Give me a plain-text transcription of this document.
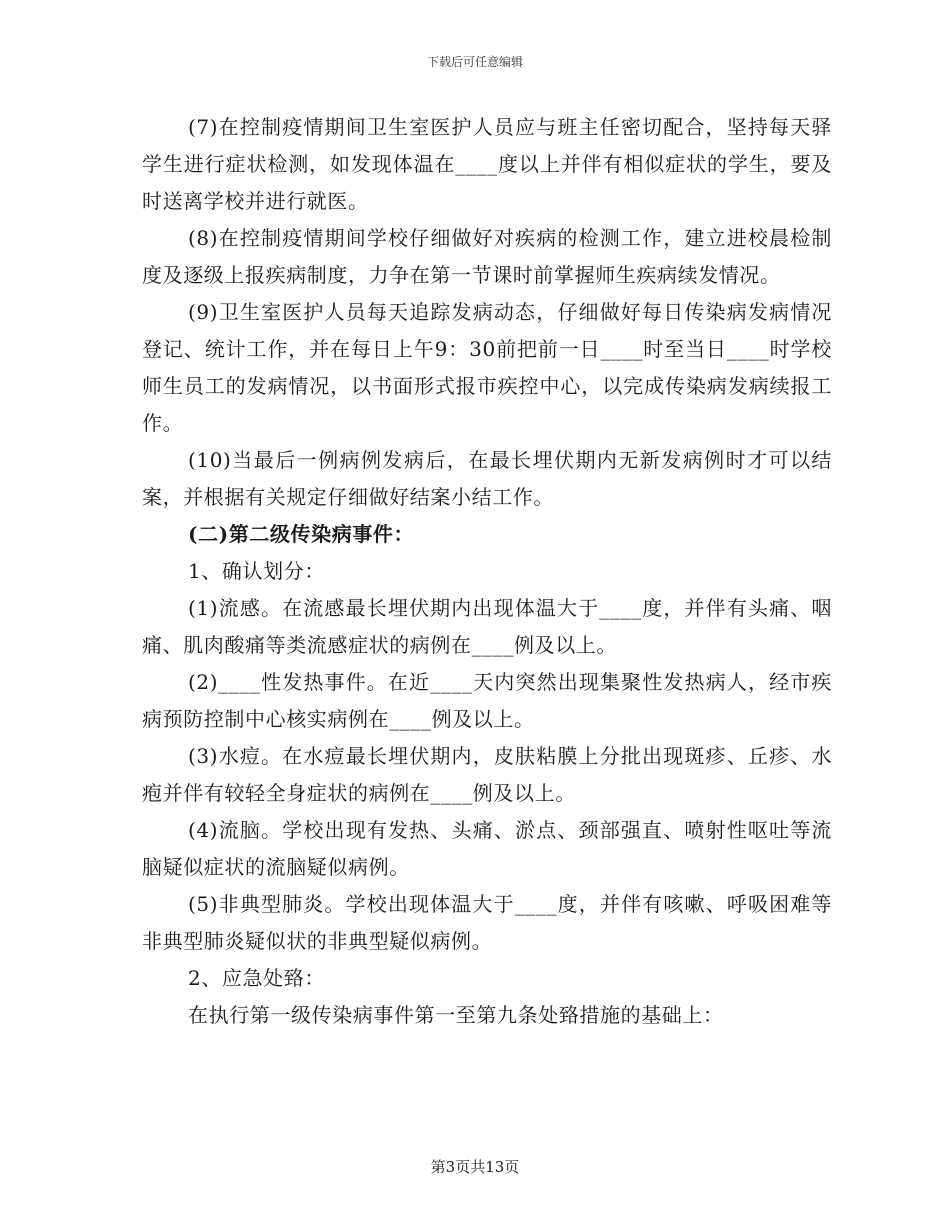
下载后可任意编辑

(7)在控制疫情期间卫生室医护人员应与班主任密切配合，坚持每天驿学生进行症状检测，如发现体温在____度以上并伴有相似症状的学生，要及时送离学校并进行就医。

(8)在控制疫情期间学校仔细做好对疾病的检测工作，建立进校晨检制度及逐级上报疾病制度，力争在第一节课时前掌握师生疾病续发情况。

(9)卫生室医护人员每天追踪发病动态，仔细做好每日传染病发病情况登记、统计工作，并在每日上午9：30前把前一日____时至当日____时学校师生员工的发病情况，以书面形式报市疾控中心，以完成传染病发病续报工作。

(10)当最后一例病例发病后，在最长埋伏期内无新发病例时才可以结案，并根据有关规定仔细做好结案小结工作。

(二)第二级传染病事件：

1、确认划分：

(1)流感。在流感最长埋伏期内出现体温大于____度，并伴有头痛、咽痛、肌肉酸痛等类流感症状的病例在____例及以上。

(2)____性发热事件。在近____天内突然出现集聚性发热病人，经市疾病预防控制中心核实病例在____例及以上。

(3)水痘。在水痘最长埋伏期内，皮肤粘膜上分批出现斑疹、丘疹、水疱并伴有较轻全身症状的病例在____例及以上。

(4)流脑。学校出现有发热、头痛、淤点、颈部强直、喷射性呕吐等流脑疑似症状的流脑疑似病例。

(5)非典型肺炎。学校出现体温大于____度，并伴有咳嗽、呼吸困难等非典型肺炎疑似状的非典型疑似病例。

2、应急处臵：

在执行第一级传染病事件第一至第九条处臵措施的基础上：

第3页共13页
